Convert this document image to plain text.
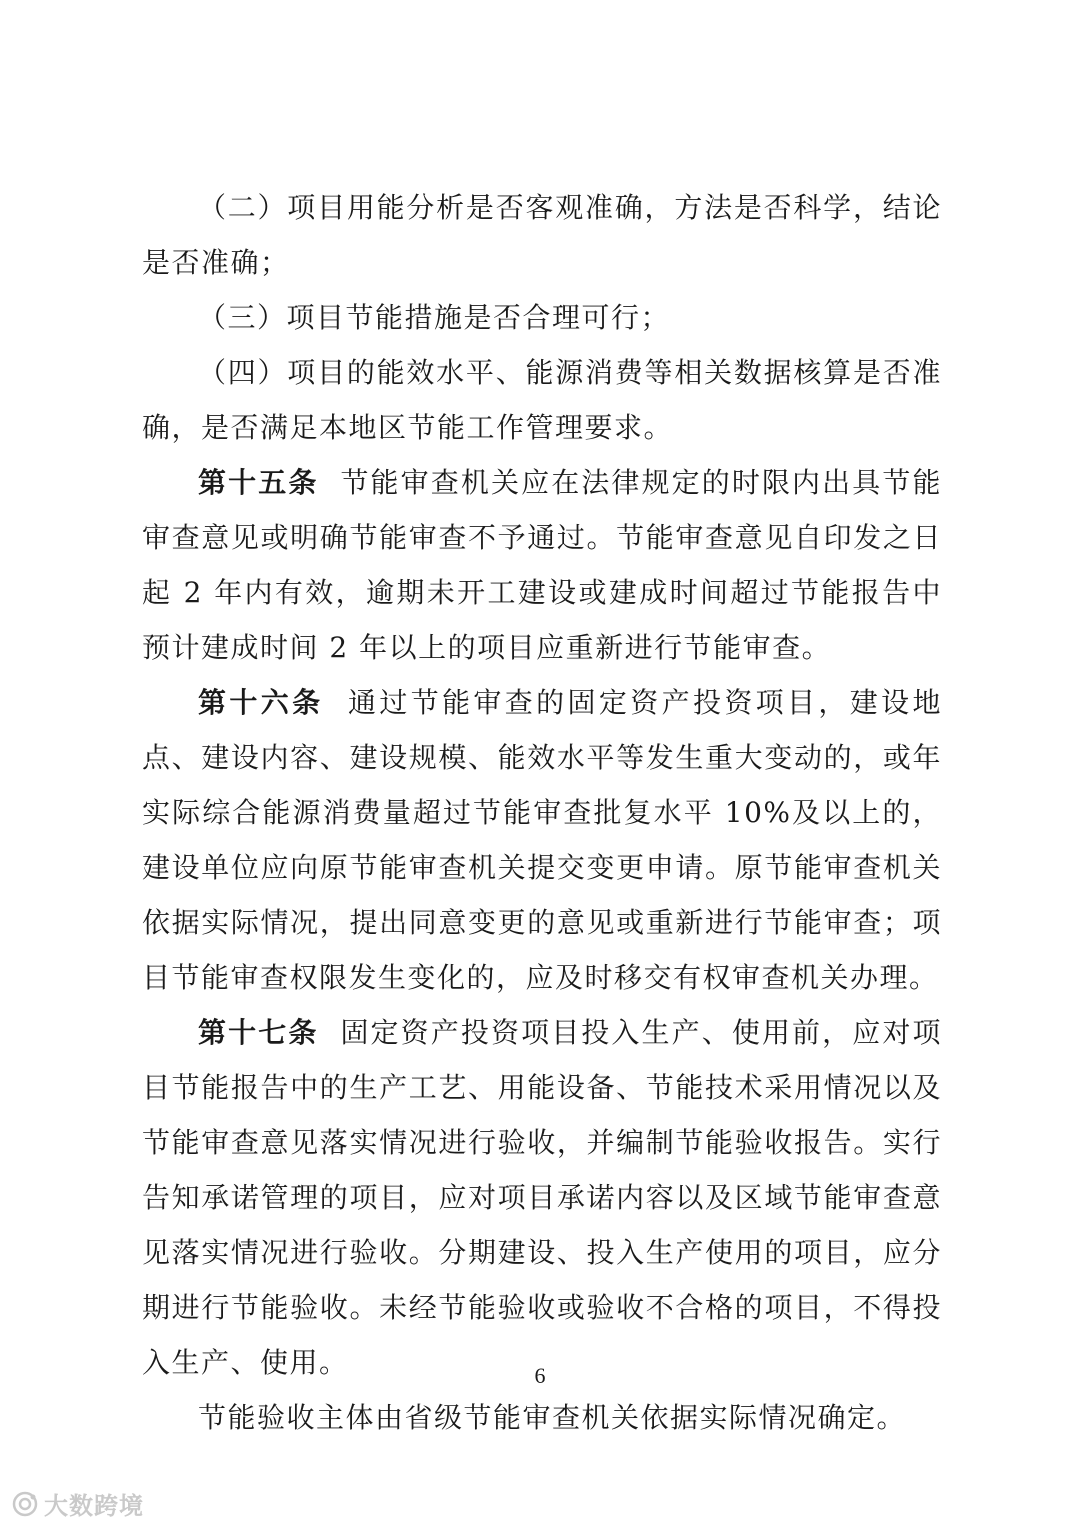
（二）项目用能分析是否客观准确，方法是否科学，结论是否准确；

（三）项目节能措施是否合理可行；

（四）项目的能效水平、能源消费等相关数据核算是否准确，是否满足本地区节能工作管理要求。

第十五条 节能审查机关应在法律规定的时限内出具节能审查意见或明确节能审查不予通过。节能审查意见自印发之日起 2 年内有效，逾期未开工建设或建成时间超过节能报告中预计建成时间 2 年以上的项目应重新进行节能审查。

第十六条 通过节能审查的固定资产投资项目，建设地点、建设内容、建设规模、能效水平等发生重大变动的，或年实际综合能源消费量超过节能审查批复水平 10%及以上的，建设单位应向原节能审查机关提交变更申请。原节能审查机关依据实际情况，提出同意变更的意见或重新进行节能审查；项目节能审查权限发生变化的，应及时移交有权审查机关办理。

第十七条 固定资产投资项目投入生产、使用前，应对项目节能报告中的生产工艺、用能设备、节能技术采用情况以及节能审查意见落实情况进行验收，并编制节能验收报告。实行告知承诺管理的项目，应对项目承诺内容以及区域节能审查意见落实情况进行验收。分期建设、投入生产使用的项目，应分期进行节能验收。未经节能验收或验收不合格的项目，不得投入生产、使用。

节能验收主体由省级节能审查机关依据实际情况确定。

6
大数跨境
